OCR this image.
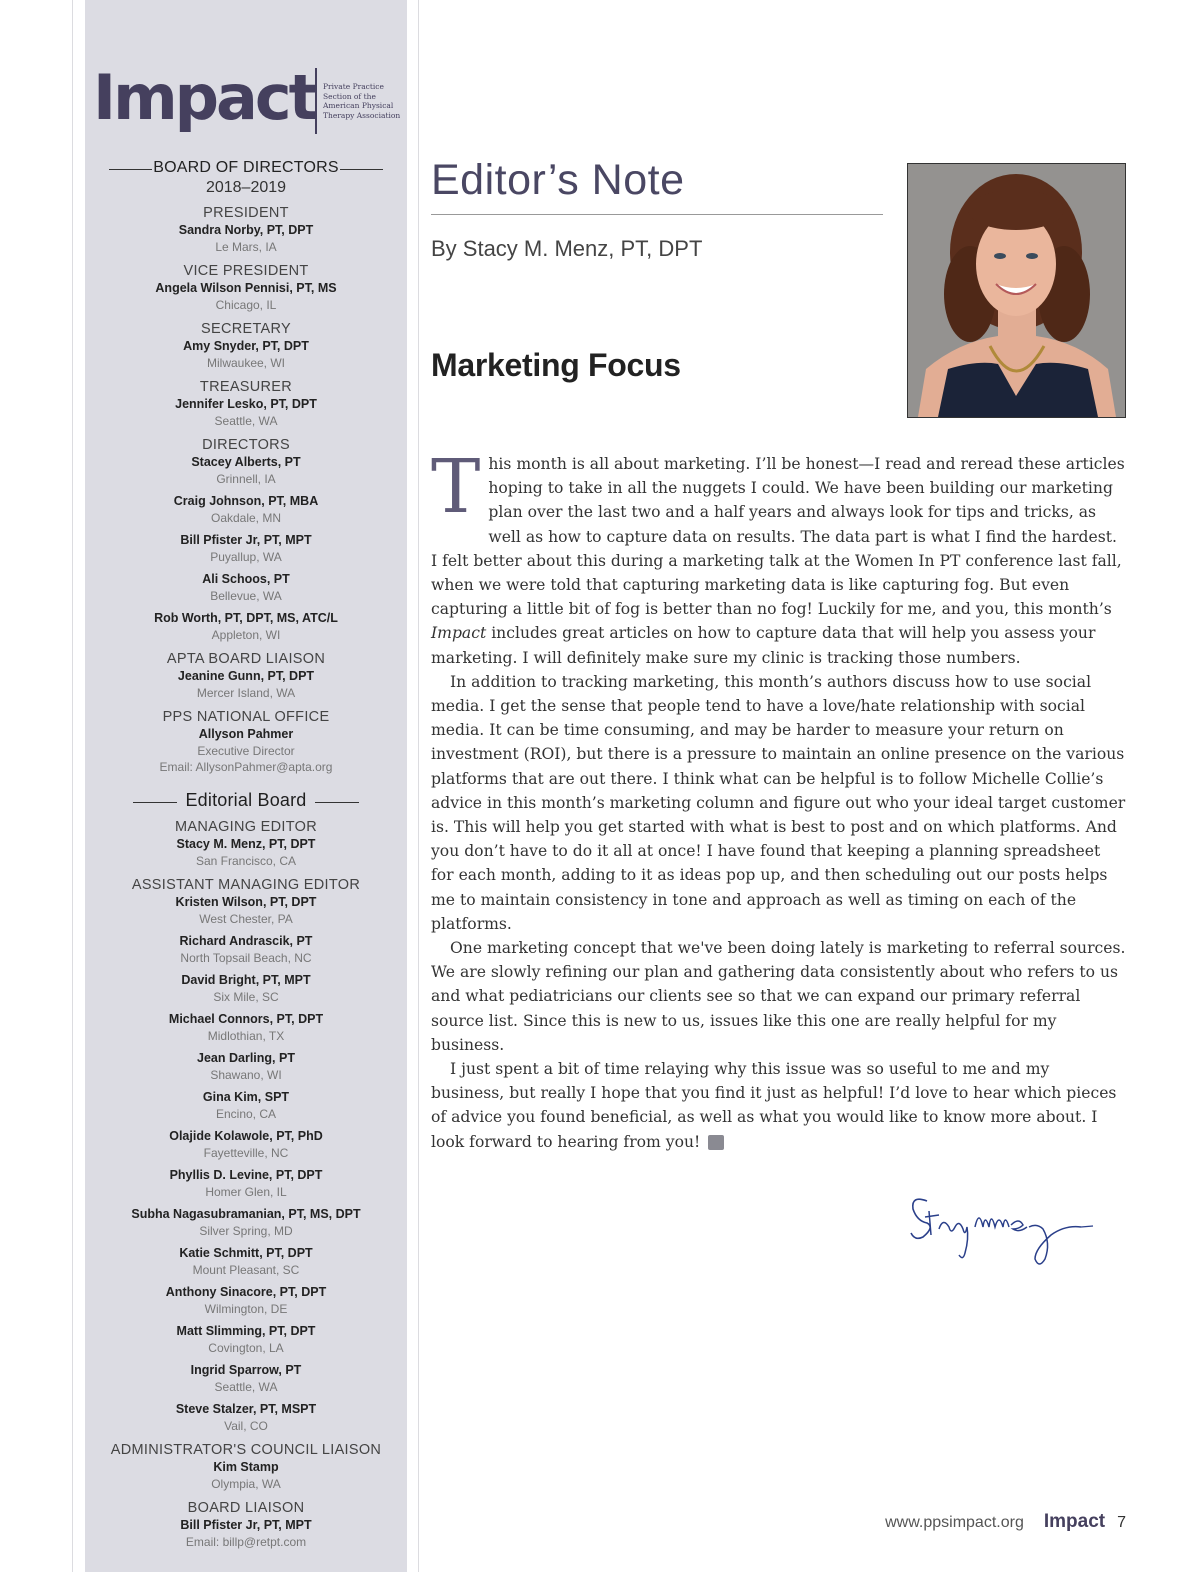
Impact Private Practice
Section of the
American Physical
Therapy Association
BOARD OF DIRECTORS
2018–2019
PRESIDENT
Sandra Norby, PT, DPT
Le Mars, IA
VICE PRESIDENT
Angela Wilson Pennisi, PT, MS
Chicago, IL
SECRETARY
Amy Snyder, PT, DPT
Milwaukee, WI
TREASURER
Jennifer Lesko, PT, DPT
Seattle, WA
DIRECTORS
Stacey Alberts, PT
Grinnell, IA
Craig Johnson, PT, MBA
Oakdale, MN
Bill Pfister Jr, PT, MPT
Puyallup, WA
Ali Schoos, PT
Bellevue, WA
Rob Worth, PT, DPT, MS, ATC/L
Appleton, WI
APTA BOARD LIAISON
Jeanine Gunn, PT, DPT
Mercer Island, WA
PPS NATIONAL OFFICE
Allyson Pahmer
Executive Director
Email: AllysonPahmer@apta.org
Editorial Board
MANAGING EDITOR
Stacy M. Menz, PT, DPT
San Francisco, CA
ASSISTANT MANAGING EDITOR
Kristen Wilson, PT, DPT
West Chester, PA
Richard Andrascik, PT
North Topsail Beach, NC
David Bright, PT, MPT
Six Mile, SC
Michael Connors, PT, DPT
Midlothian, TX
Jean Darling, PT
Shawano, WI
Gina Kim, SPT
Encino, CA
Olajide Kolawole, PT, PhD
Fayetteville, NC
Phyllis D. Levine, PT, DPT
Homer Glen, IL
Subha Nagasubramanian, PT, MS, DPT
Silver Spring, MD
Katie Schmitt, PT, DPT
Mount Pleasant, SC
Anthony Sinacore, PT, DPT
Wilmington, DE
Matt Slimming, PT, DPT
Covington, LA
Ingrid Sparrow, PT
Seattle, WA
Steve Stalzer, PT, MSPT
Vail, CO
ADMINISTRATOR'S COUNCIL LIAISON
Kim Stamp
Olympia, WA
BOARD LIAISON
Bill Pfister Jr, PT, MPT
Email: billp@retpt.com
Editor’s Note
By Stacy M. Menz, PT, DPT
Marketing Focus
T his month is all about marketing. I’ll be honest—I read and reread these articles hoping to take in all the nuggets I could. We have been building our marketing plan over the last two and a half years and always look for tips and tricks, as well as how to capture data on results. The data part is what I find the hardest. I felt better about this during a marketing talk at the Women In PT conference last fall, when we were told that capturing marketing data is like capturing fog. But even capturing a little bit of fog is better than no fog! Luckily for me, and you, this month’s Impact includes great articles on how to capture data that will help you assess your marketing. I will definitely make sure my clinic is tracking those numbers.

In addition to tracking marketing, this month’s authors discuss how to use social media. I get the sense that people tend to have a love/hate relationship with social media. It can be time consuming, and may be harder to measure your return on investment (ROI), but there is a pressure to maintain an online presence on the various platforms that are out there. I think what can be helpful is to follow Michelle Collie’s advice in this month’s marketing column and figure out who your ideal target customer is. This will help you get started with what is best to post and on which platforms. And you don’t have to do it all at once! I have found that keeping a planning spreadsheet for each month, adding to it as ideas pop up, and then scheduling out our posts helps me to maintain consistency in tone and approach as well as timing on each of the platforms.

One marketing concept that we've been doing lately is marketing to referral sources. We are slowly refining our plan and gathering data consistently about who refers to us and what pediatricians our clients see so that we can expand our primary referral source list. Since this is new to us, issues like this one are really helpful for my business.

I just spent a bit of time relaying why this issue was so useful to me and my business, but really I hope that you find it just as helpful! I’d love to hear which pieces of advice you found beneficial, as well as what you would like to know more about. I look forward to hearing from you! I

www.ppsimpact.org Impact 7
